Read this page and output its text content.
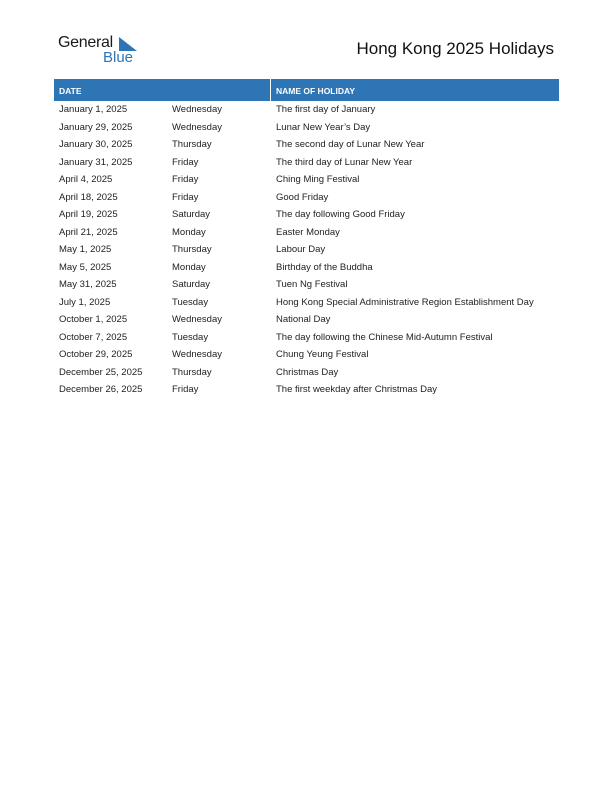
General
Blue	Hong Kong 2025 Holidays
DATE	NAME OF HOLIDAY
January 1, 2025	Wednesday	The first day of January
January 29, 2025	Wednesday	Lunar New Year’s Day
January 30, 2025	Thursday	The second day of Lunar New Year
January 31, 2025	Friday	The third day of Lunar New Year
April 4, 2025	Friday	Ching Ming Festival
April 18, 2025	Friday	Good Friday
April 19, 2025	Saturday	The day following Good Friday
April 21, 2025	Monday	Easter Monday
May 1, 2025	Thursday	Labour Day
May 5, 2025	Monday	Birthday of the Buddha
May 31, 2025	Saturday	Tuen Ng Festival
July 1, 2025	Tuesday	Hong Kong Special Administrative Region Establishment Day
October 1, 2025	Wednesday	National Day
October 7, 2025	Tuesday	The day following the Chinese Mid-Autumn Festival
October 29, 2025	Wednesday	Chung Yeung Festival
December 25, 2025	Thursday	Christmas Day
December 26, 2025	Friday	The first weekday after Christmas Day
